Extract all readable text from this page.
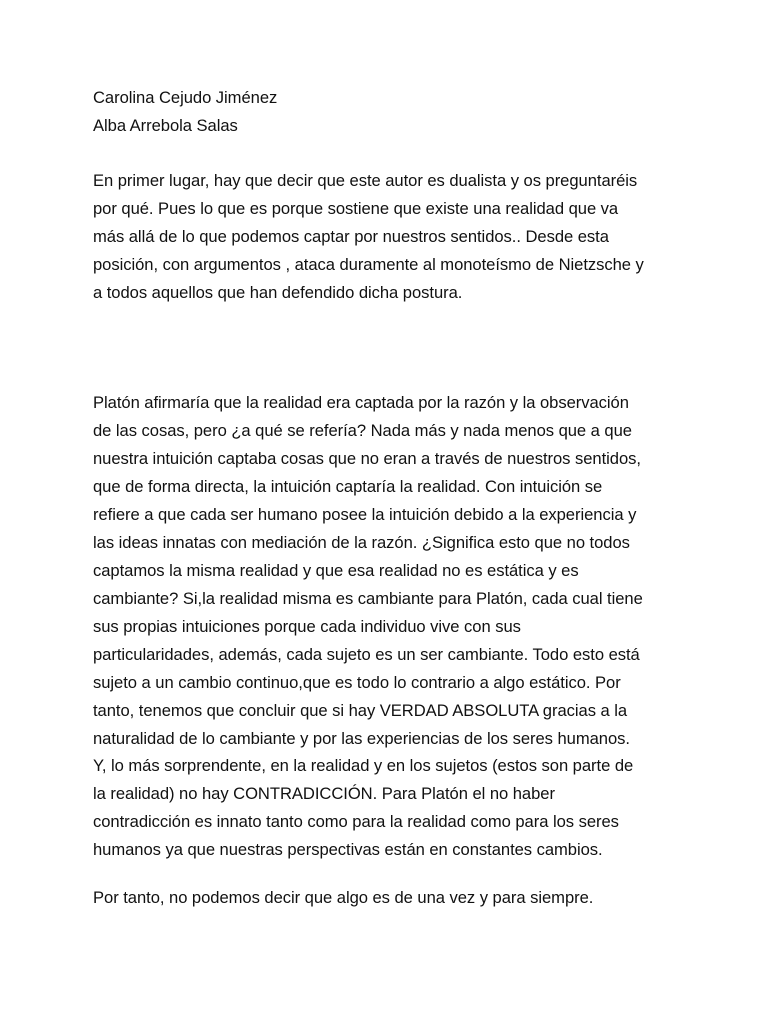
Carolina Cejudo Jiménez
Alba Arrebola Salas
En primer lugar, hay que decir que este autor es dualista y os preguntaréis
por qué. Pues lo que es porque sostiene que existe una realidad que va
más allá de lo que podemos captar por nuestros sentidos.. Desde esta
posición, con argumentos , ataca duramente al monoteísmo de Nietzsche y
a todos aquellos que han defendido dicha postura.
Platón afirmaría que la realidad era captada por la razón y la observación
de las cosas, pero ¿a qué se refería? Nada más y nada menos que a que
nuestra intuición captaba cosas que no eran a través de nuestros sentidos,
que de forma directa, la intuición captaría la realidad. Con intuición se
refiere a que cada ser humano posee la intuición debido a la experiencia y
las ideas innatas con mediación de la razón. ¿Significa esto que no todos
captamos la misma realidad y que esa realidad no es estática y es
cambiante? Si,la realidad misma es cambiante para Platón, cada cual tiene
sus propias intuiciones porque cada individuo vive con sus
particularidades, además, cada sujeto es un ser cambiante. Todo esto está
sujeto a un cambio continuo,que es todo lo contrario a algo estático. Por
tanto, tenemos que concluir que si hay VERDAD ABSOLUTA gracias a la
naturalidad de lo cambiante y por las experiencias de los seres humanos.
Y, lo más sorprendente, en la realidad y en los sujetos (estos son parte de
la realidad) no hay CONTRADICCIÓN. Para Platón el no haber
contradicción es innato tanto como para la realidad como para los seres
humanos ya que nuestras perspectivas están en constantes cambios.
Por tanto, no podemos decir que algo es de una vez y para siempre.
